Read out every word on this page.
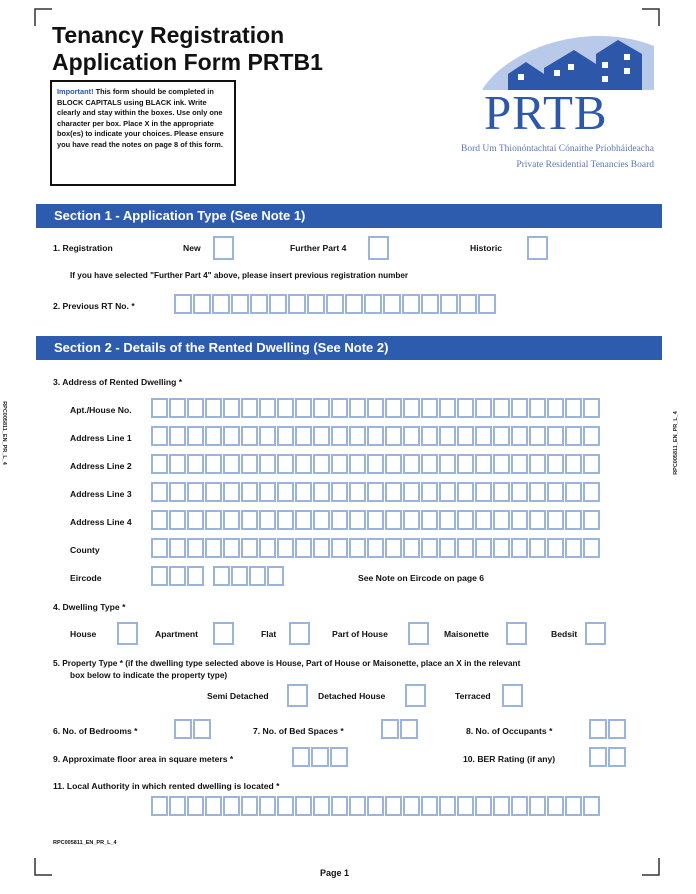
Tenancy Registration
Application Form PRTB1
Important! This form should be completed in BLOCK CAPITALS using BLACK ink. Write clearly and stay within the boxes. Use only one character per box. Place X in the appropriate box(es) to indicate your choices. Please ensure you have read the notes on page 8 of this form.
PRTB
Bord Um Thionóntachtaí Cónaithe Príobháideacha
Private Residential Tenancies Board
RPC005811_EN_PR_L_4	RPC005811_EN_PR_L_4
Section 1 - Application Type (See Note 1)
1. Registration	New	Further Part 4	Historic
If you have selected "Further Part 4" above, please insert previous registration number
2. Previous RT No. *
Section 2 - Details of the Rented Dwelling (See Note 2)
3. Address of Rented Dwelling *
Apt./House No.
Address Line 1
Address Line 2
Address Line 3
Address Line 4
County
Eircode	See Note on Eircode on page 6
4. Dwelling Type *
House	Apartment	Flat	Part of House	Maisonette	Bedsit
5. Property Type * (if the dwelling type selected above is House, Part of House or Maisonette, place an X in the relevant
box below to indicate the property type)
Semi Detached	Detached House	Terraced
6. No. of Bedrooms *	7. No. of Bed Spaces *	8. No. of Occupants *
9. Approximate floor area in square meters *	10. BER Rating (if any)
11. Local Authority in which rented dwelling is located *
RPC005811_EN_PR_L_4
Page 1
